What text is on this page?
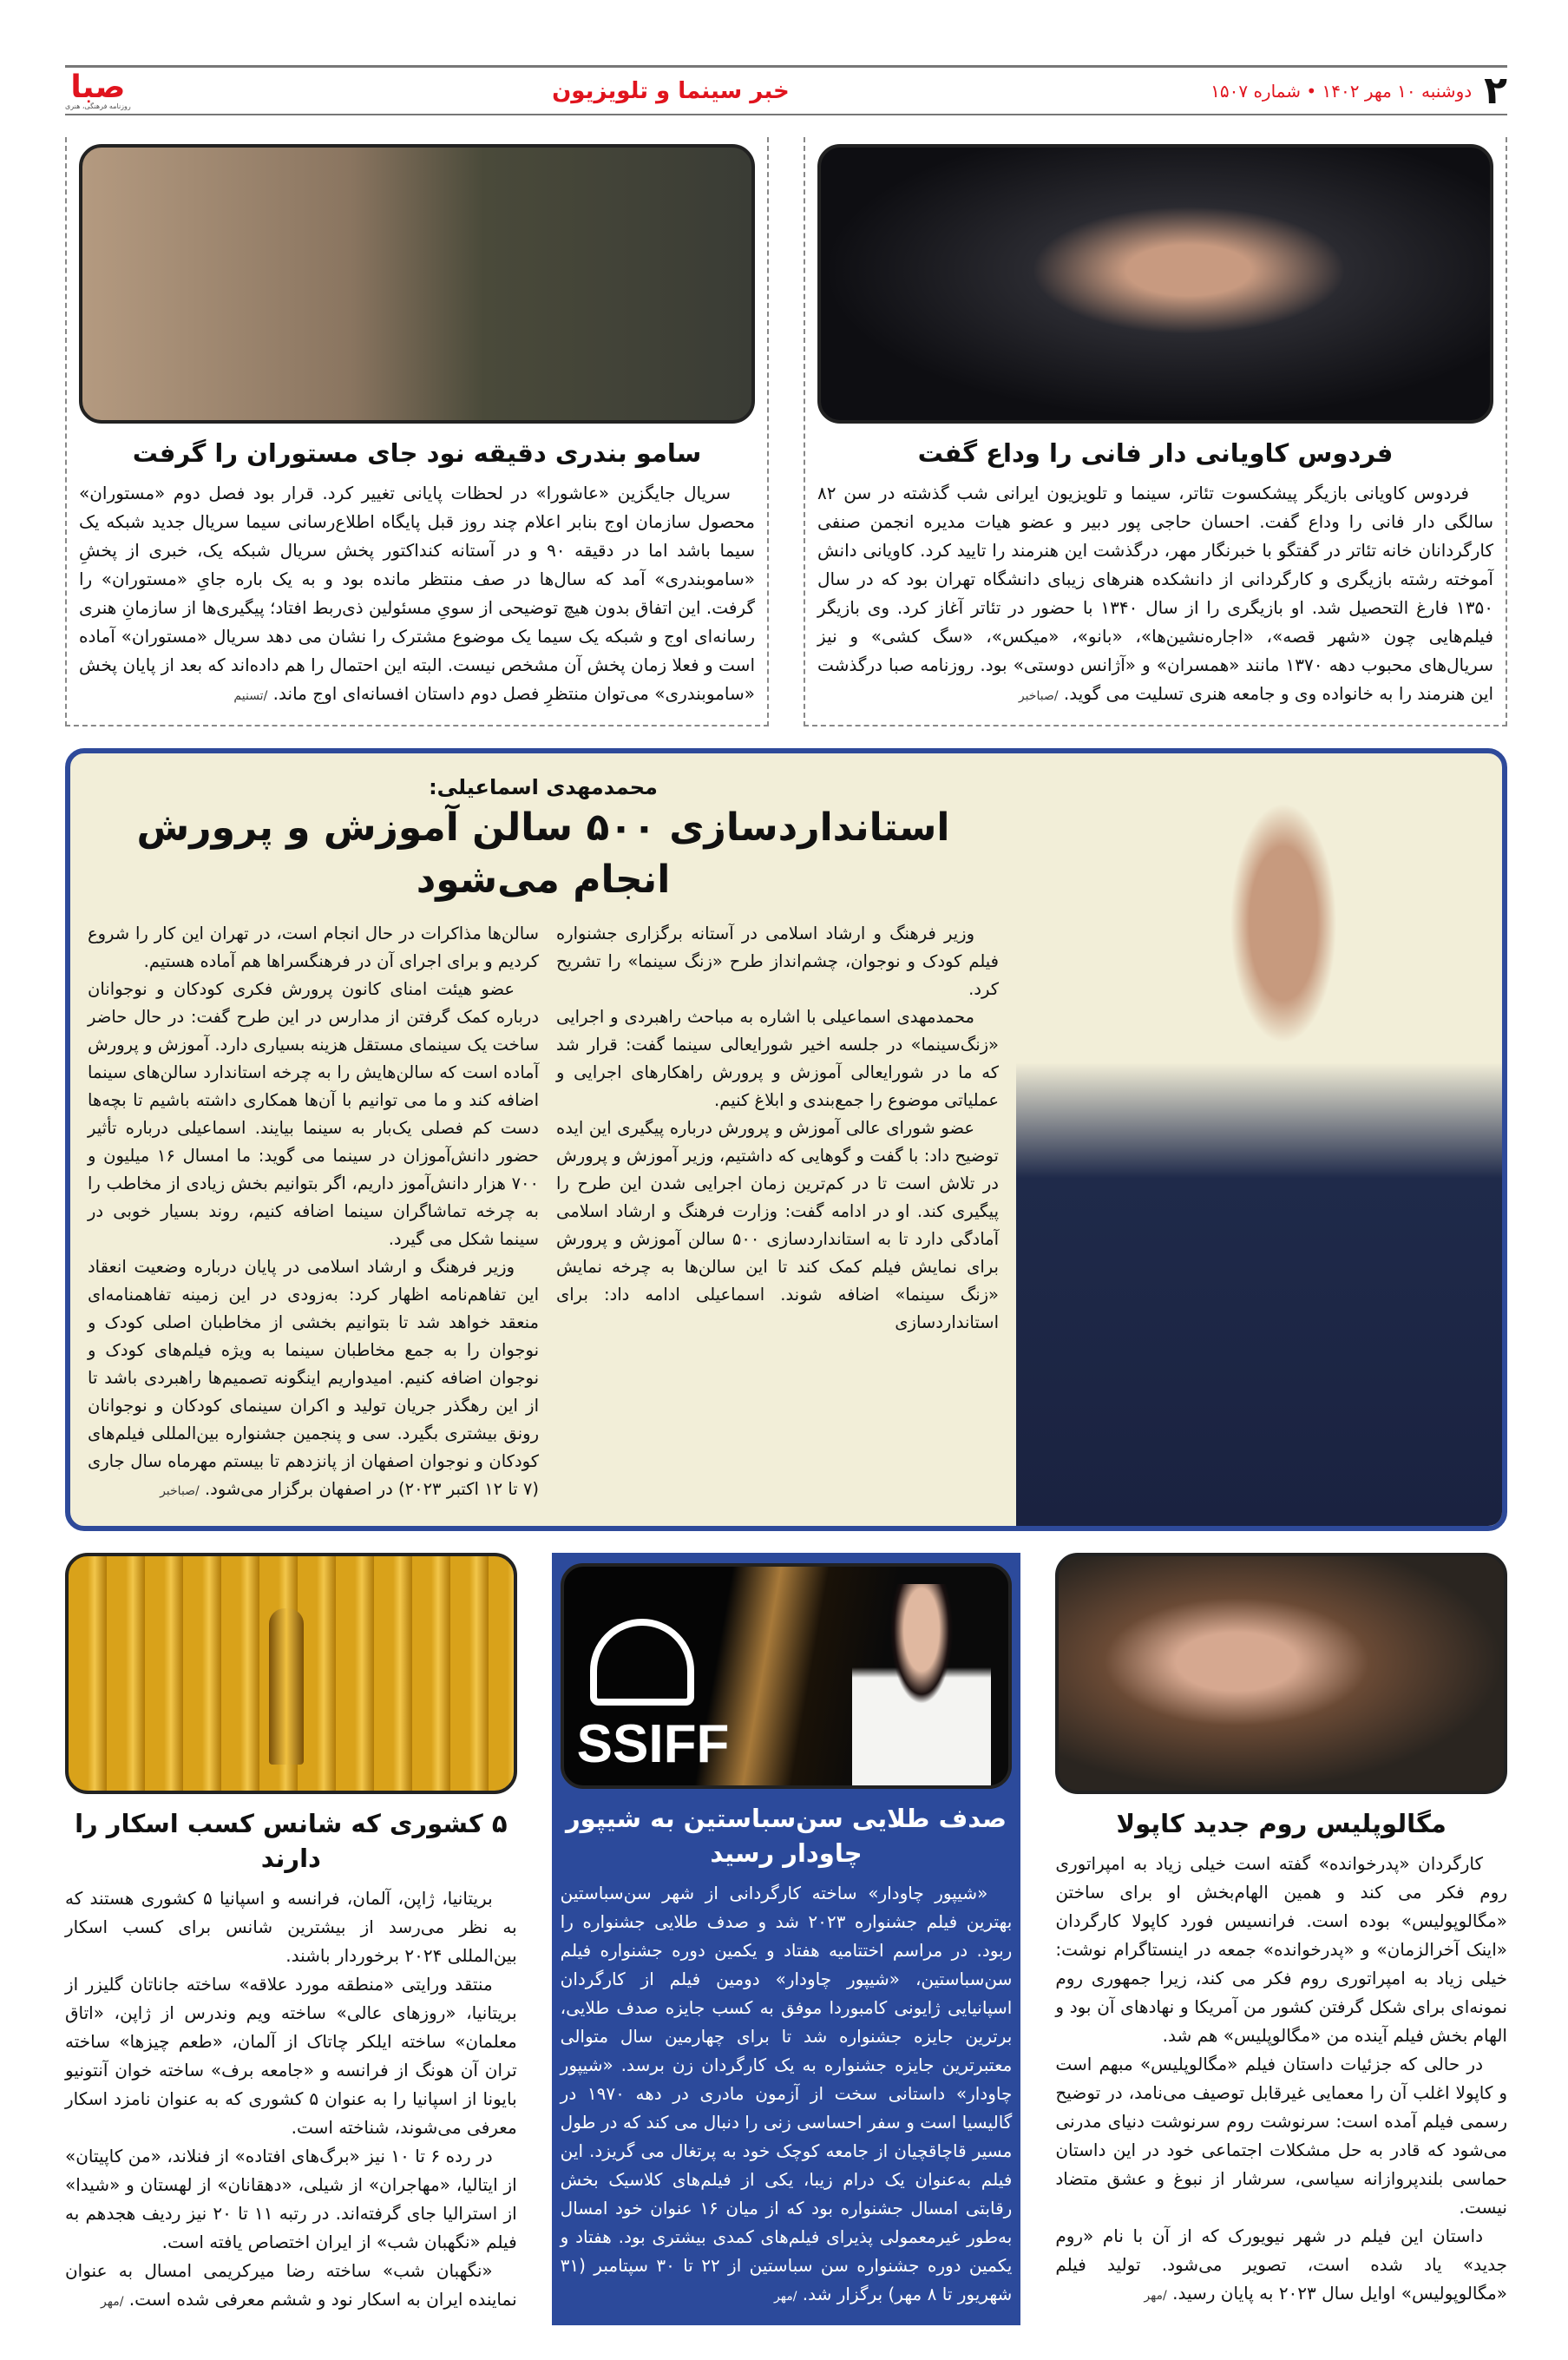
۲
دوشنبه ۱۰ مهر ۱۴۰۲ • شماره ۱۵۰۷
خبر سینما و تلویزیون
صبا
روزنامه فرهنگی، هنری
فردوس کاویانی دار فانی را وداع گفت

فردوس کاویانی بازیگر پیشکسوت تئاتر، سینما و تلویزیون ایرانی شب گذشته در سن ۸۲ سالگی دار فانی را وداع گفت. احسان حاجی پور دبیر و عضو هیات مدیره انجمن صنفی کارگردانان خانه تئاتر در گفتگو با خبرنگار مهر، درگذشت این هنرمند را تایید کرد. کاویانی دانش آموخته رشته بازیگری و کارگردانی از دانشکده هنرهای زیبای دانشگاه تهران بود که در سال ۱۳۵۰ فارغ التحصیل شد. او بازیگری را از سال ۱۳۴۰ با حضور در تئاتر آغاز کرد. وی بازیگر فیلم‌هایی چون «شهر قصه»، «اجاره‌نشین‌ها»، «بانو»، «میکس»، «سگ کشی» و نیز سریال‌های محبوب دهه ۱۳۷۰ مانند «همسران» و «آژانس دوستی» بود. روزنامه صبا درگذشت این هنرمند را به خانواده وی و جامعه هنری تسلیت می گوید. /صباخبر

سامو بندری دقیقه نود جای مستوران را گرفت

سریال جایگزین «عاشورا» در لحظات پایانی تغییر کرد. قرار بود فصل دوم «مستوران» محصول سازمان اوج بنابر اعلام چند روز قبل پایگاه اطلاع‌رسانی سیما سریال جدید شبکه یک سیما باشد اما در دقیقه ۹۰ و در آستانه کنداکتور پخش سریال شبکه یک، خبری از پخشِ «ساموبندری» آمد که سال‌ها در صف منتظر مانده بود و به یک باره جایِ «مستوران» را گرفت. این اتفاق بدون هیچ توضیحی از سویِ مسئولین ذی‌ربط افتاد؛ پیگیری‌ها از سازمانِ هنری رسانه‌ای اوج و شبکه یک سیما یک موضوع مشترک را نشان می دهد سریال «مستوران» آماده است و فعلا زمان پخش آن مشخص نیست. البته این احتمال را هم داده‌اند که بعد از پایان پخش «ساموبندری» می‌توان منتظرِ فصل دوم داستان افسانه‌ای اوج ماند. /تسنیم

محمدمهدی اسماعیلی:
استانداردسازی ۵۰۰ سالن آموزش و پرورش انجام می‌شود

وزیر فرهنگ و ارشاد اسلامی در آستانه برگزاری جشنواره فیلم کودک و نوجوان، چشم‌انداز طرح «زنگ سینما» را تشریح کرد.

محمدمهدی اسماعیلی با اشاره به مباحث راهبردی و اجرایی «زنگ‌سینما» در جلسه اخیر شورایعالی سینما گفت: قرار شد که ما در شورایعالی آموزش و پرورش راهکارهای اجرایی و عملیاتی موضوع را جمع‌بندی و ابلاغ کنیم.

عضو شورای عالی آموزش و پرورش درباره پیگیری این ایده توضیح داد: با گفت و گوهایی که داشتیم، وزیر آموزش و پرورش در تلاش است تا در کم‌ترین زمان اجرایی شدن این طرح را پیگیری کند. او در ادامه گفت: وزارت فرهنگ و ارشاد اسلامی آمادگی دارد تا به استانداردسازی ۵۰۰ سالن آموزش و پرورش برای نمایش فیلم کمک کند تا این سالن‌ها به چرخه نمایش «زنگ سینما» اضافه شوند. اسماعیلی ادامه داد: برای استانداردسازی

سالن‌ها مذاکرات در حال انجام است، در تهران این کار را شروع کردیم و برای اجرای آن در فرهنگسراها هم آماده هستیم.

عضو هیئت امنای کانون پرورش فکری کودکان و نوجوانان درباره کمک گرفتن از مدارس در این طرح گفت: در حال حاضر ساخت یک سینمای مستقل هزینه بسیاری دارد. آموزش و پرورش آماده است که سالن‌هایش را به چرخه استاندارد سالن‌های سینما اضافه کند و ما می توانیم با آن‌ها همکاری داشته باشیم تا بچه‌ها دست کم فصلی یک‌بار به سینما بیایند. اسماعیلی درباره تأثیر حضور دانش‌آموزان در سینما می گوید: ما امسال ۱۶ میلیون و ۷۰۰ هزار دانش‌آموز داریم، اگر بتوانیم بخش زیادی از مخاطب را به چرخه تماشاگران سینما اضافه کنیم، روند بسیار خوبی در سینما شکل می گیرد.

وزیر فرهنگ و ارشاد اسلامی در پایان درباره وضعیت انعقاد این تفاهم‌نامه اظهار کرد: به‌زودی در این زمینه تفاهمنامه‌ای منعقد خواهد شد تا بتوانیم بخشی از مخاطبان اصلی کودک و نوجوان را به جمع مخاطبان سینما به ویژه فیلم‌های کودک و نوجوان اضافه کنیم. امیدواریم اینگونه تصمیم‌ها راهبردی باشد تا از این رهگذر جریان تولید و اکران سینمای کودکان و نوجوانان رونق بیشتری بگیرد. سی و پنجمین جشنواره بین‌المللی فیلم‌های کودکان و نوجوان اصفهان از پانزدهم تا بیستم مهرماه سال جاری (۷ تا ۱۲ اکتبر ۲۰۲۳) در اصفهان برگزار می‌شود. /صباخبر

مگالوپلیس روم جدید کاپولا

کارگردان «پدرخوانده» گفته است خیلی زیاد به امپراتوری روم فکر می کند و همین الهام‌بخش او برای ساختن «مگالوپولیس» بوده است. فرانسیس فورد کاپولا کارگردان «اینک آخرالزمان» و «پدرخوانده» جمعه در اینستاگرام نوشت: خیلی زیاد به امپراتوری روم فکر می کند، زیرا جمهوری روم نمونه‌ای برای شکل گرفتن کشور من آمریکا و نهادهای آن بود و الهام بخش فیلم آینده من «مگالوپلیس» هم شد.

در حالی که جزئیات داستان فیلم «مگالوپلیس» مبهم است و کاپولا اغلب آن را معمایی غیرقابل توصیف می‌نامد، در توضیح رسمی فیلم آمده است: سرنوشت روم سرنوشت دنیای مدرنی می‌شود که قادر به حل مشکلات اجتماعی خود در این داستان حماسی بلندپروازانه سیاسی، سرشار از نبوغ و عشق متضاد نیست.

داستان این فیلم در شهر نیویورک که از آن با نام «روم جدید» یاد شده است، تصویر می‌شود. تولید فیلم «مگالوپولیس» اوایل سال ۲۰۲۳ به پایان رسید. /مهر

SSIFF
صدف طلایی سن‌سباستین به شیپور چاودار رسید

«شیپور چاودار» ساخته کارگردانی از شهر سن‌سباستین بهترین فیلم جشنواره ۲۰۲۳ شد و صدف طلایی جشنواره را ربود. در مراسم اختتامیه هفتاد و یکمین دوره جشنواره فیلم سن‌سباستین، «شیپور چاودار» دومین فیلم از کارگردان اسپانیایی ژایونی کامبوردا موفق به کسب جایزه صدف طلایی، برترین جایزه جشنواره شد تا برای چهارمین سال متوالی معتبرترین جایزه جشنواره به یک کارگردان زن برسد. «شیپور چاودار» داستانی سخت از آزمون مادری در دهه ۱۹۷۰ در گالیسیا است و سفر احساسی زنی را دنبال می کند که در طول مسیر قاچاقچیان از جامعه کوچک خود به پرتغال می گریزد. این فیلم به‌عنوان یک درام زیبا، یکی از فیلم‌های کلاسیک بخش رقابتی امسال جشنواره بود که از میان ۱۶ عنوان خود امسال به‌طور غیرمعمولی پذیرای فیلم‌های کمدی بیشتری بود. هفتاد و یکمین دوره جشنواره سن سباستین از ۲۲ تا ۳۰ سپتامبر (۳۱ شهریور تا ۸ مهر) برگزار شد. /مهر

۵ کشوری که شانس کسب اسکار را دارند

بریتانیا، ژاپن، آلمان، فرانسه و اسپانیا ۵ کشوری هستند که به نظر می‌رسد از بیشترین شانس برای کسب اسکار بین‌المللی ۲۰۲۴ برخوردار باشند.

منتقد ورایتی «منطقه مورد علاقه» ساخته جاناتان گلیزر از بریتانیا، «روزهای عالی» ساخته ویم وندرس از ژاپن، «اتاق معلمان» ساخته ایلکر چاتاک از آلمان، «طعم چیزها» ساخته تران آن هونگ از فرانسه و «جامعه برف» ساخته خوان آنتونیو بایونا از اسپانیا را به عنوان ۵ کشوری که به عنوان نامزد اسکار معرفی می‌شوند، شناخته است.

در رده ۶ تا ۱۰ نیز «برگ‌های افتاده» از فنلاند، «من کاپیتان» از ایتالیا، «مهاجران» از شیلی، «دهقانان» از لهستان و «شیدا» از استرالیا جای گرفته‌اند. در رتبه ۱۱ تا ۲۰ نیز ردیف هجدهم به فیلم «نگهبان شب» از ایران اختصاص یافته است.

«نگهبان شب» ساخته رضا میرکریمی امسال به عنوان نماینده ایران به اسکار نود و ششم معرفی شده است. /مهر
